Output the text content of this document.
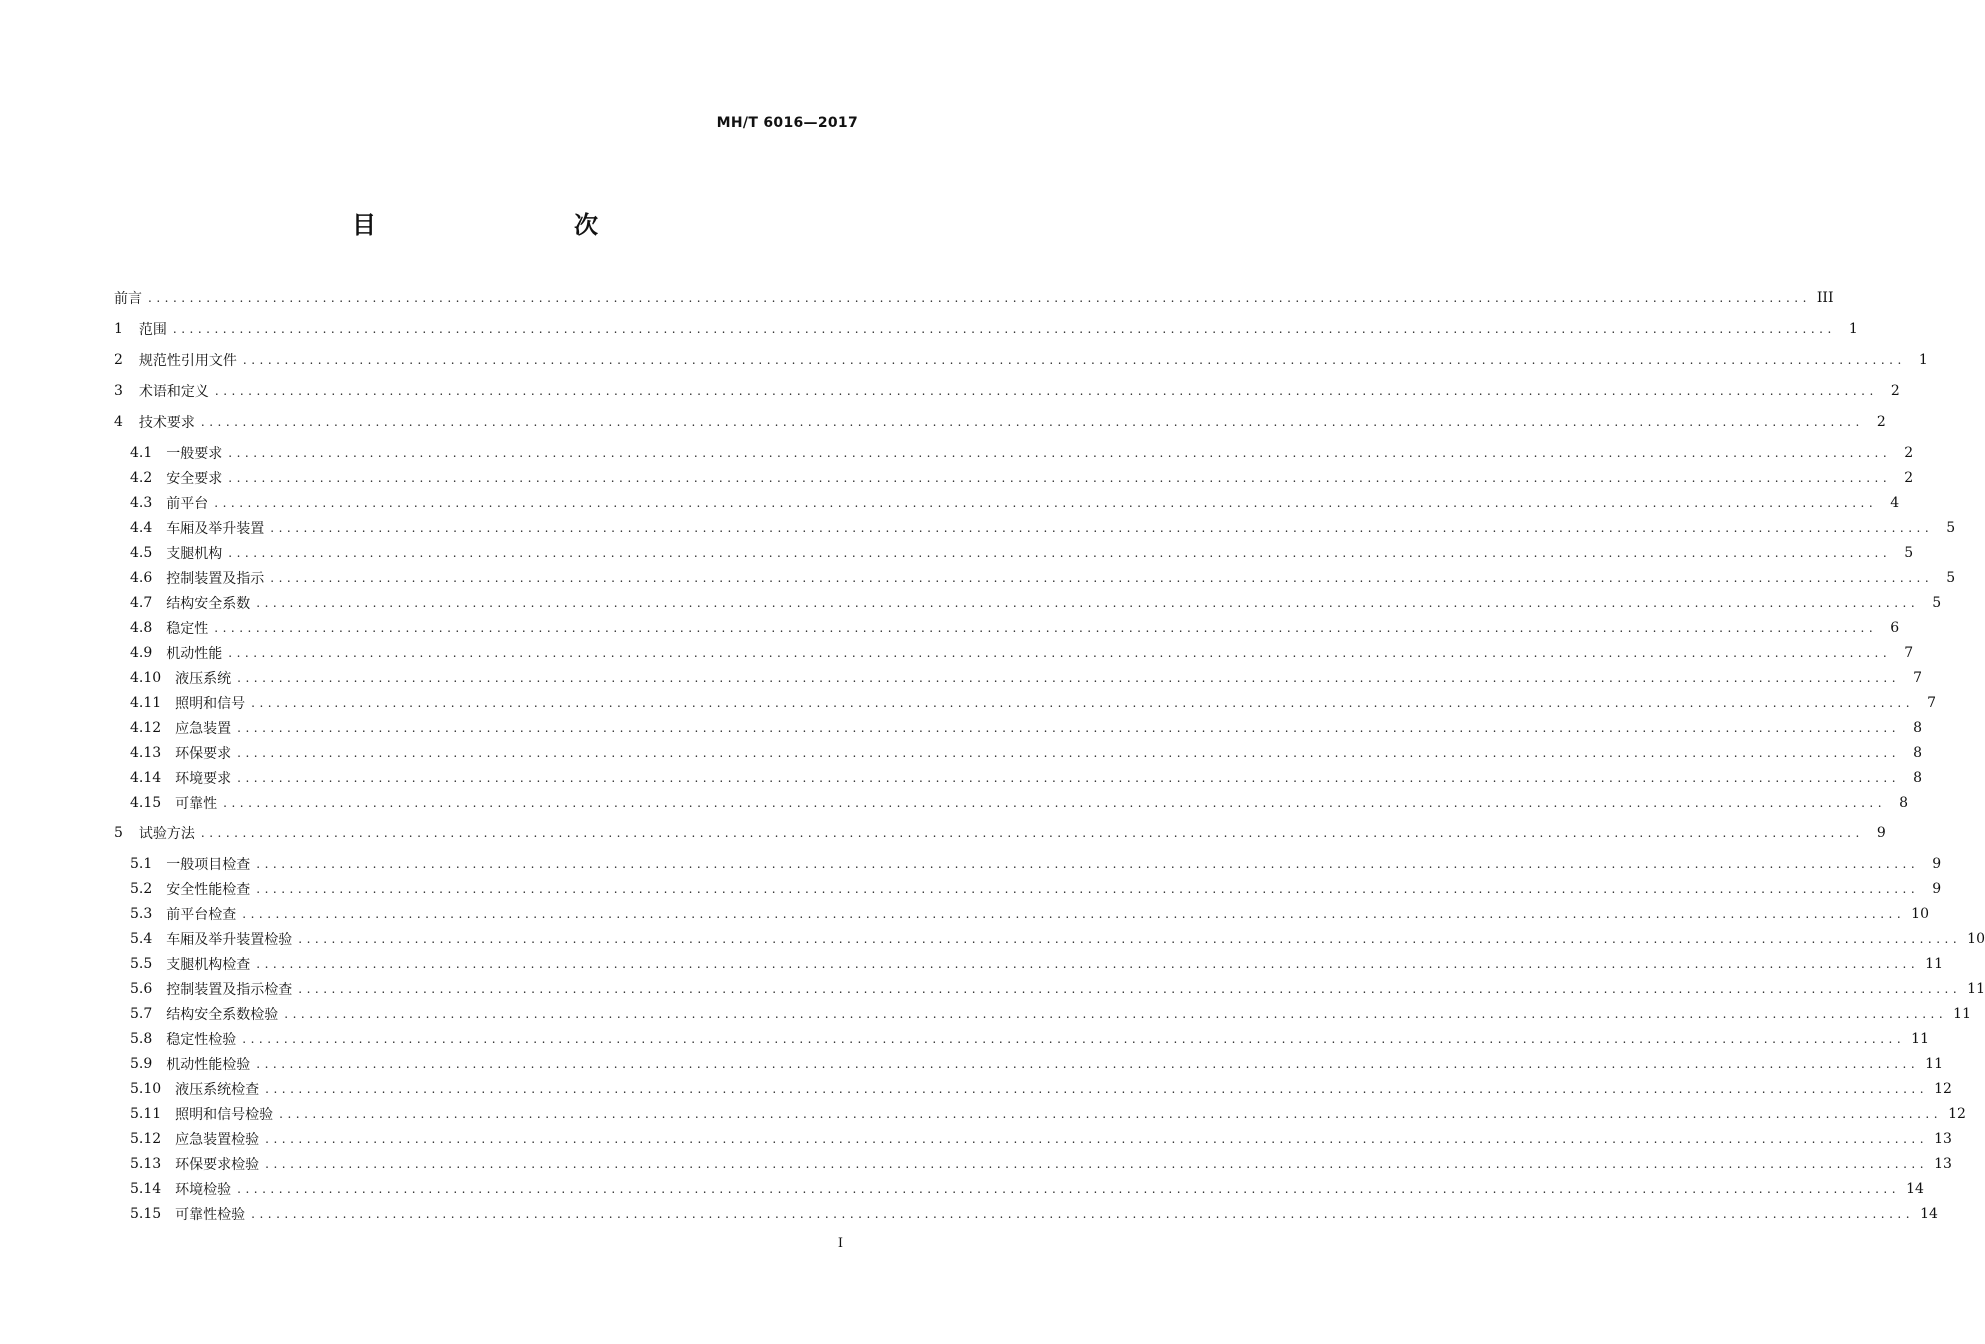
MH/T 6016—2017
目　　次
前言 ........................................................................................................................................................................................................ III
1 范围 ........................................................................................................................................................................................................ 1
2 规范性引用文件 ........................................................................................................................................................................................................ 1
3 术语和定义 ........................................................................................................................................................................................................ 2
4 技术要求 ........................................................................................................................................................................................................ 2
4.1 一般要求 ........................................................................................................................................................................................................ 2
4.2 安全要求 ........................................................................................................................................................................................................ 2
4.3 前平台 ........................................................................................................................................................................................................ 4
4.4 车厢及举升装置 ........................................................................................................................................................................................................ 5
4.5 支腿机构 ........................................................................................................................................................................................................ 5
4.6 控制装置及指示 ........................................................................................................................................................................................................ 5
4.7 结构安全系数 ........................................................................................................................................................................................................ 5
4.8 稳定性 ........................................................................................................................................................................................................ 6
4.9 机动性能 ........................................................................................................................................................................................................ 7
4.10 液压系统 ........................................................................................................................................................................................................ 7
4.11 照明和信号 ........................................................................................................................................................................................................ 7
4.12 应急装置 ........................................................................................................................................................................................................ 8
4.13 环保要求 ........................................................................................................................................................................................................ 8
4.14 环境要求 ........................................................................................................................................................................................................ 8
4.15 可靠性 ........................................................................................................................................................................................................ 8
5 试验方法 ........................................................................................................................................................................................................ 9
5.1 一般项目检查 ........................................................................................................................................................................................................ 9
5.2 安全性能检查 ........................................................................................................................................................................................................ 9
5.3 前平台检查 ........................................................................................................................................................................................................ 10
5.4 车厢及举升装置检验 ........................................................................................................................................................................................................ 10
5.5 支腿机构检查 ........................................................................................................................................................................................................ 11
5.6 控制装置及指示检查 ........................................................................................................................................................................................................ 11
5.7 结构安全系数检验 ........................................................................................................................................................................................................ 11
5.8 稳定性检验 ........................................................................................................................................................................................................ 11
5.9 机动性能检验 ........................................................................................................................................................................................................ 11
5.10 液压系统检查 ........................................................................................................................................................................................................ 12
5.11 照明和信号检验 ........................................................................................................................................................................................................ 12
5.12 应急装置检验 ........................................................................................................................................................................................................ 13
5.13 环保要求检验 ........................................................................................................................................................................................................ 13
5.14 环境检验 ........................................................................................................................................................................................................ 14
5.15 可靠性检验 ........................................................................................................................................................................................................ 14
I
